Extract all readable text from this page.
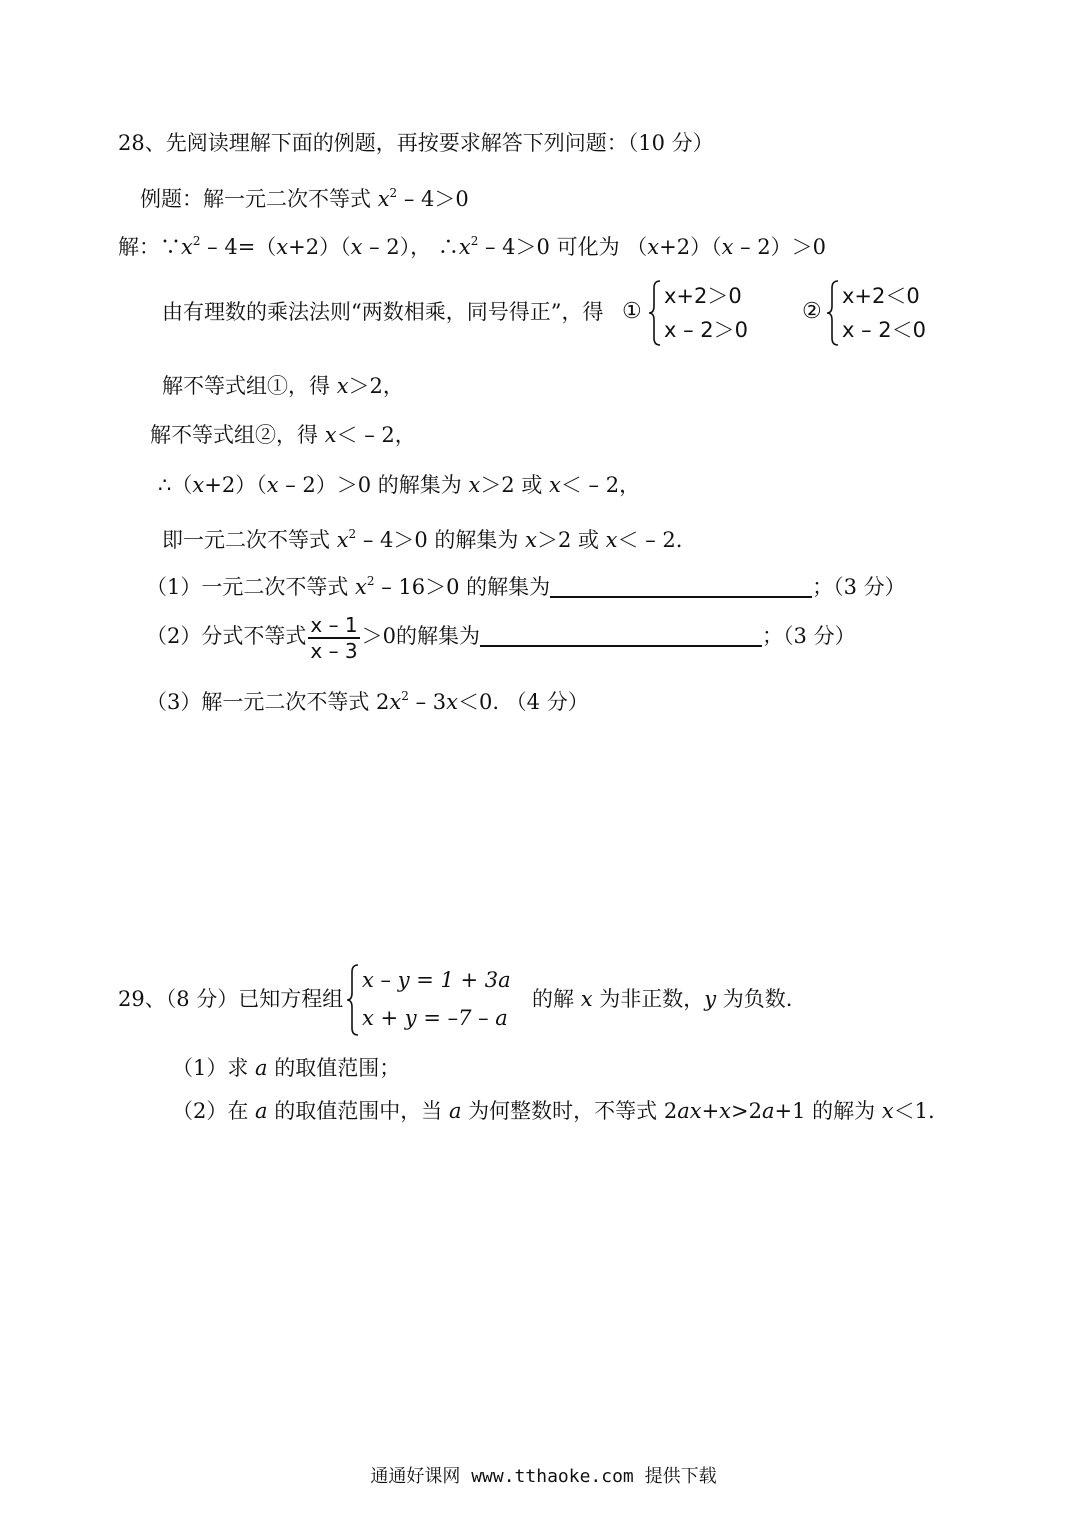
28、先阅读理解下面的例题，再按要求解答下列问题：（10 分）
例题：解一元二次不等式 $x^2 - 4>0$
解：$\because x^2 - 4=(x+2)(x - 2)$， $\therefore x^2 - 4>0$ 可化为 （x+2）（x – 2）＞0
由有理数的乘法法则“两数相乘，同号得正”，得 ①
x+2＞0
x – 2＞0
②
x+2＜0
x – 2＜0
解不等式组①，得 x＞2，
解不等式组②，得 x＜ – 2，
∴（x+2）（x – 2）＞0 的解集为 x＞2 或 x＜ – 2，
即一元二次不等式 $x^2 - 4>0$ 的解集为 x＞2 或 x＜ – 2.
（1）一元二次不等式 $x^2 - 16>0$ 的解集为	；（3 分）
（2）分式不等式 $\frac{x - 1}{x - 3} >0$的解集为	；（3 分）
（3）解一元二次不等式 $2x^2 - 3x<0$. （4 分）
29、（8 分）已知方程组
x – y = 1 + 3a
x + y = –7 – a
的解 x 为非正数，y 为负数.
（1）求 a 的取值范围；
（2）在 a 的取值范围中，当 a 为何整数时，不等式 2ax+x>2a+1 的解为 x＜1.
通通好课网 www.tthaoke.com 提供下载
